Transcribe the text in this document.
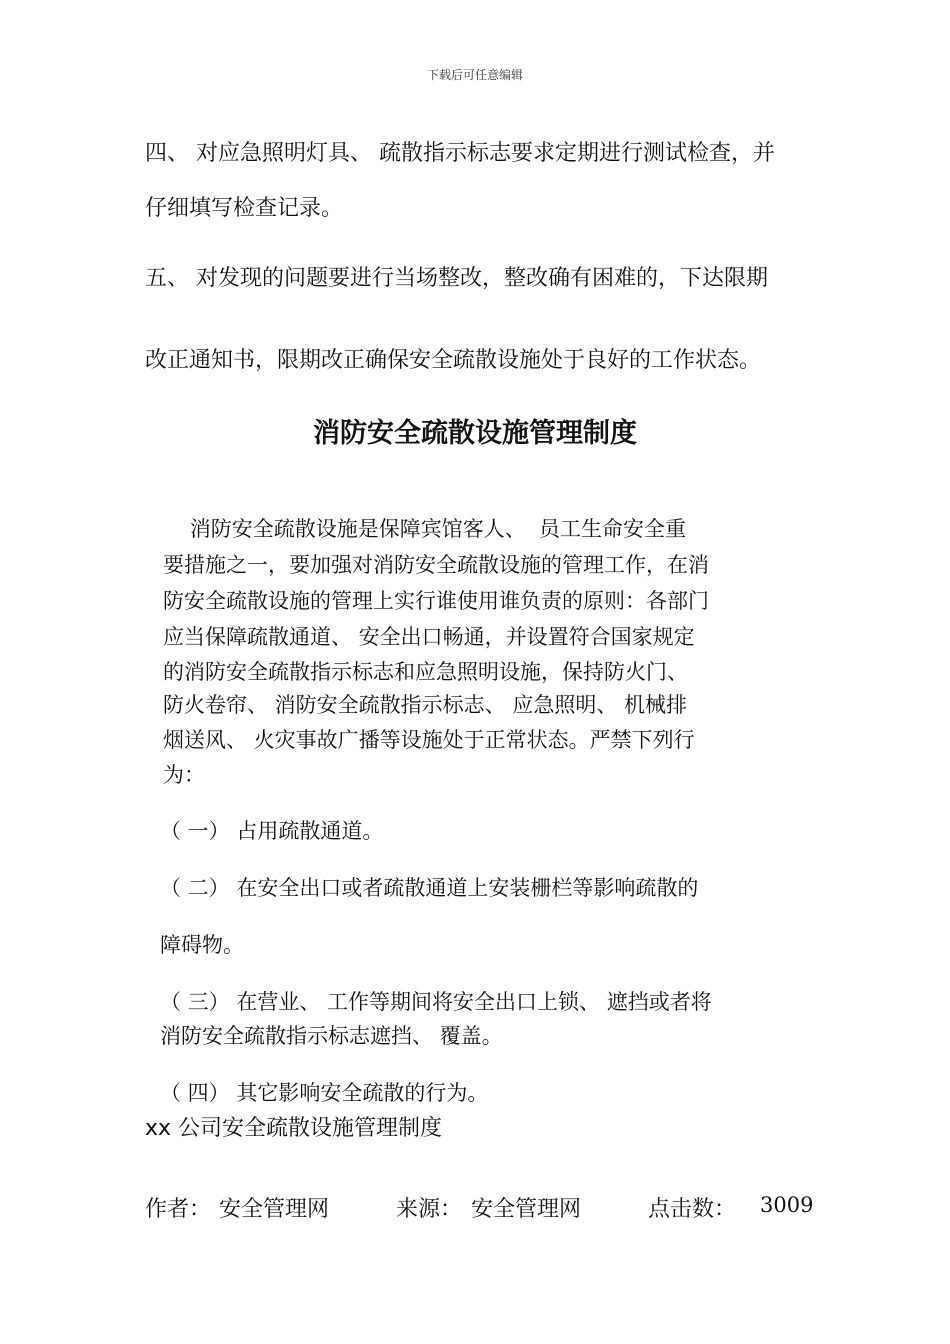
下载后可任意编辑
四、 对应急照明灯具、 疏散指示标志要求定期进行测试检查，并
仔细填写检查记录。
五、 对发现的问题要进行当场整改，整改确有困难的，下达限期
改正通知书，限期改正确保安全疏散设施处于良好的工作状态。
消防安全疏散设施管理制度
消防安全疏散设施是保障宾馆客人、  员工生命安全重
要措施之一，要加强对消防安全疏散设施的管理工作，在消
防安全疏散设施的管理上实行谁使用谁负责的原则：各部门
应当保障疏散通道、 安全出口畅通，并设置符合国家规定
的消防安全疏散指示标志和应急照明设施，保持防火门、
防火卷帘、 消防安全疏散指示标志、 应急照明、 机械排
烟送风、 火灾事故广播等设施处于正常状态。严禁下列行
为：
（ 一） 占用疏散通道。
（ 二） 在安全出口或者疏散通道上安装栅栏等影响疏散的
障碍物。
（ 三） 在营业、 工作等期间将安全出口上锁、 遮挡或者将
消防安全疏散指示标志遮挡、 覆盖。
（ 四） 其它影响安全疏散的行为。
xx 公司安全疏散设施管理制度
作者： 安全管理网	来源： 安全管理网	点击数： 3009
